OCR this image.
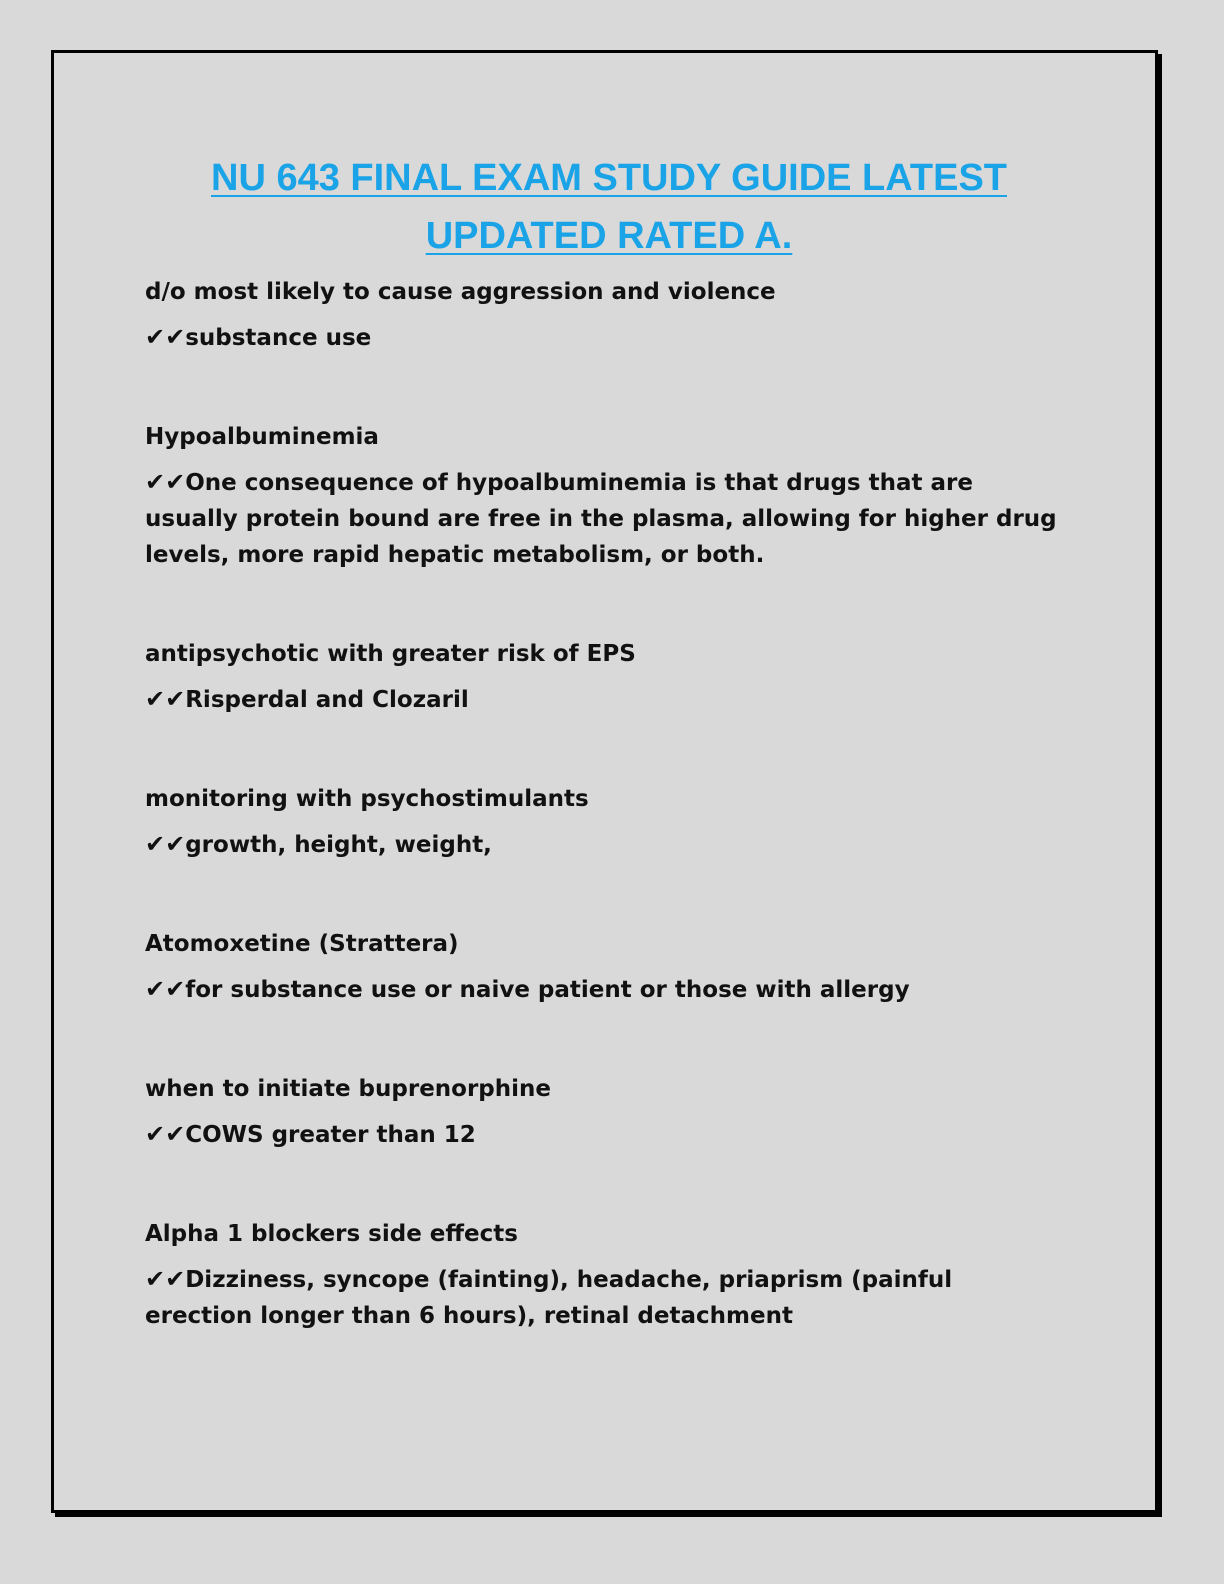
NU 643 FINAL EXAM STUDY GUIDE LATEST
UPDATED RATED A.
d/o most likely to cause aggression and violence
✔✔substance use
Hypoalbuminemia
✔✔One consequence of hypoalbuminemia is that drugs that are usually protein bound are free in the plasma, allowing for higher drug levels, more rapid hepatic metabolism, or both.
antipsychotic with greater risk of EPS
✔✔Risperdal and Clozaril
monitoring with psychostimulants
✔✔growth, height, weight,
Atomoxetine (Strattera)
✔✔for substance use or naive patient or those with allergy
when to initiate buprenorphine
✔✔COWS greater than 12
Alpha 1 blockers side effects
✔✔Dizziness, syncope (fainting), headache, priaprism (painful erection longer than 6 hours), retinal detachment
